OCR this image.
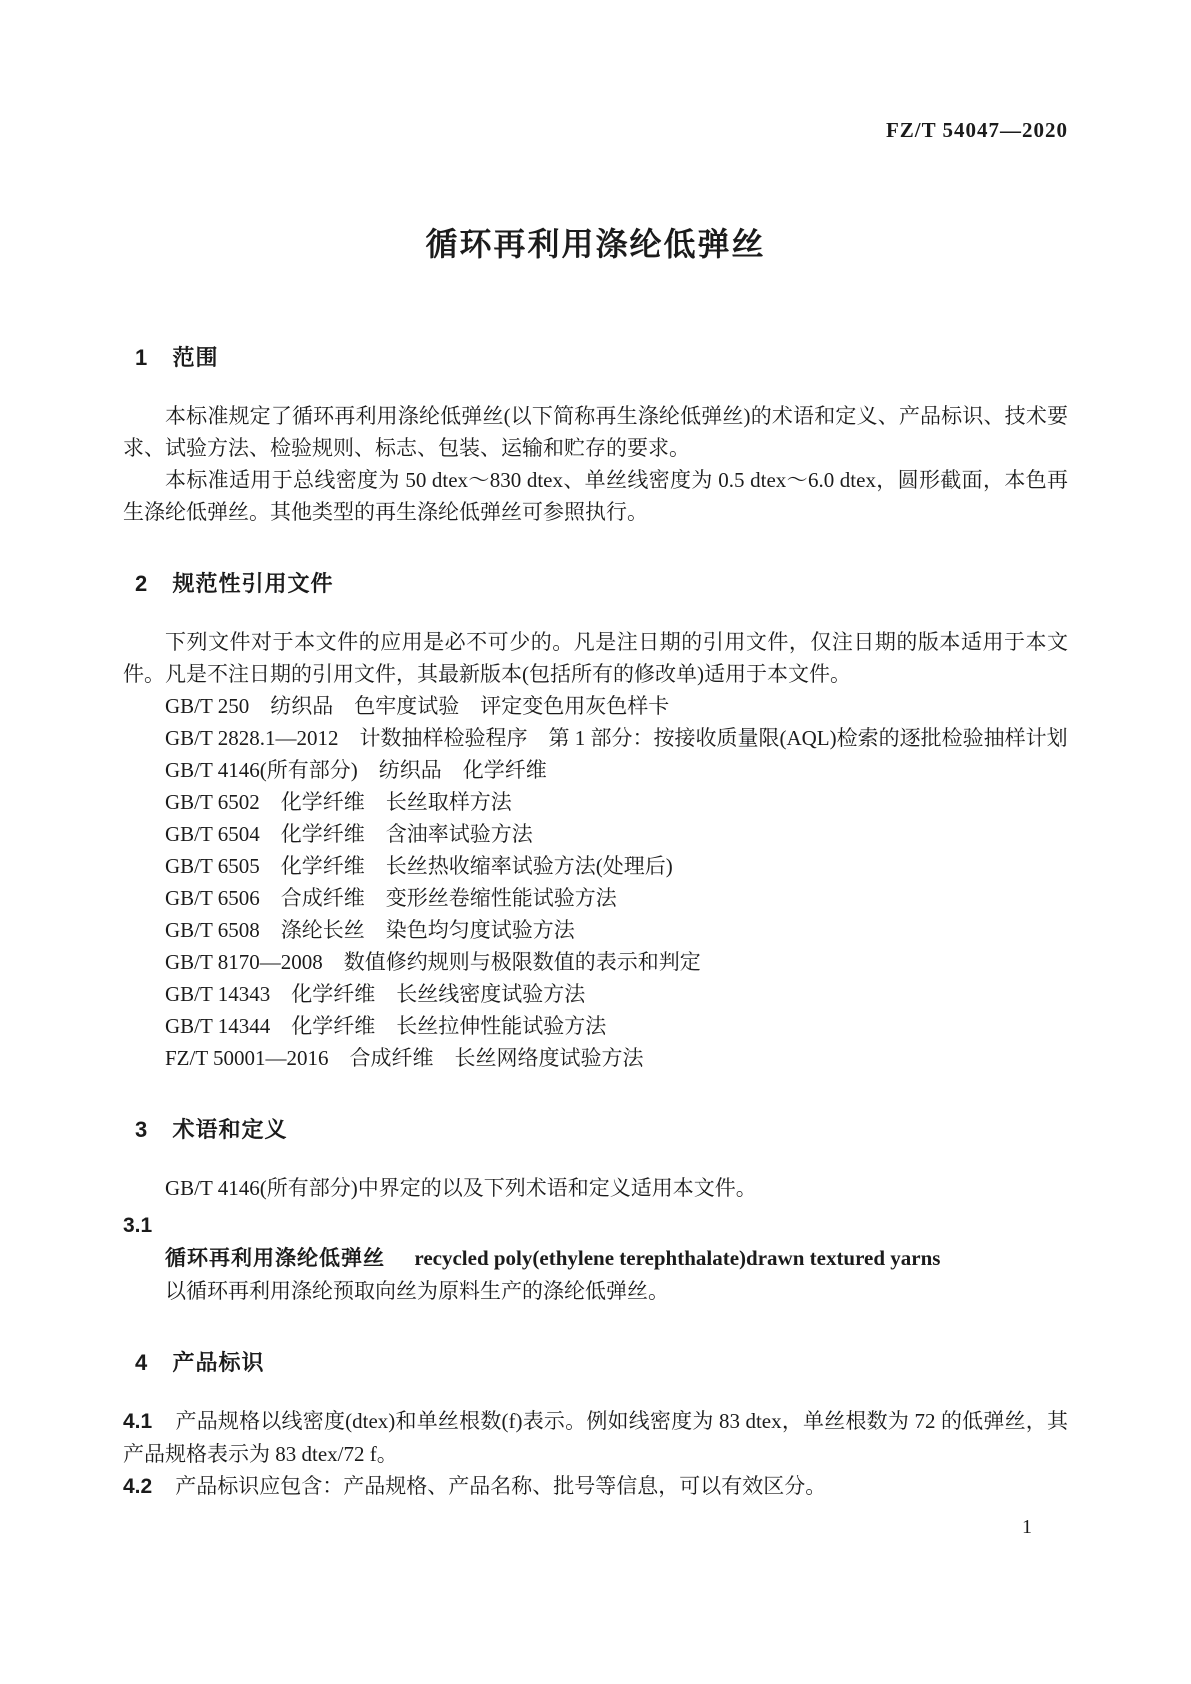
FZ/T 54047—2020
循环再利用涤纶低弹丝
1 范围

本标准规定了循环再利用涤纶低弹丝(以下简称再生涤纶低弹丝)的术语和定义、产品标识、技术要求、试验方法、检验规则、标志、包装、运输和贮存的要求。

本标准适用于总线密度为 50 dtex～830 dtex、单丝线密度为 0.5 dtex～6.0 dtex，圆形截面，本色再生涤纶低弹丝。其他类型的再生涤纶低弹丝可参照执行。

2 规范性引用文件

下列文件对于本文件的应用是必不可少的。凡是注日期的引用文件，仅注日期的版本适用于本文件。凡是不注日期的引用文件，其最新版本(包括所有的修改单)适用于本文件。

GB/T 250　纺织品　色牢度试验　评定变色用灰色样卡

GB/T 2828.1—2012　计数抽样检验程序　第 1 部分：按接收质量限(AQL)检索的逐批检验抽样计划

GB/T 4146(所有部分)　纺织品　化学纤维

GB/T 6502　化学纤维　长丝取样方法

GB/T 6504　化学纤维　含油率试验方法

GB/T 6505　化学纤维　长丝热收缩率试验方法(处理后)

GB/T 6506　合成纤维　变形丝卷缩性能试验方法

GB/T 6508　涤纶长丝　染色均匀度试验方法

GB/T 8170—2008　数值修约规则与极限数值的表示和判定

GB/T 14343　化学纤维　长丝线密度试验方法

GB/T 14344　化学纤维　长丝拉伸性能试验方法

FZ/T 50001—2016　合成纤维　长丝网络度试验方法

3 术语和定义

GB/T 4146(所有部分)中界定的以及下列术语和定义适用本文件。

3.1

循环再利用涤纶低弹丝 recycled poly(ethylene terephthalate)drawn textured yarns

以循环再利用涤纶预取向丝为原料生产的涤纶低弹丝。

4 产品标识

4.1 产品规格以线密度(dtex)和单丝根数(f)表示。例如线密度为 83 dtex，单丝根数为 72 的低弹丝，其产品规格表示为 83 dtex/72 f。

4.2 产品标识应包含：产品规格、产品名称、批号等信息，可以有效区分。

1
